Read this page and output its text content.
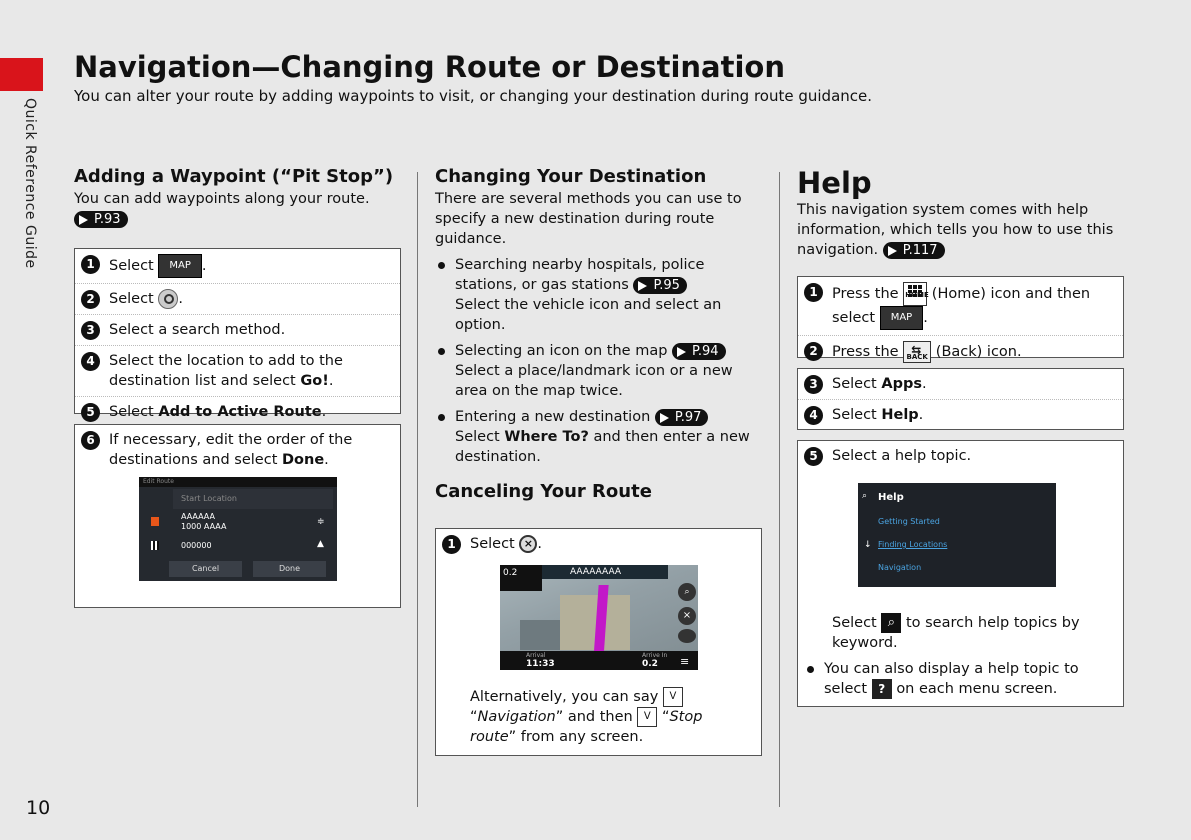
Quick Reference Guide
10
Navigation—Changing Route or Destination
You can alter your route by adding waypoints to visit, or changing your destination during route guidance.
Adding a Waypoint (“Pit Stop”)

You can add waypoints along your route.
P.93

1 Select MAP .
2 Select .
3 Select a search method.
4 Select the location to add to the destination list and select Go!.
5 Select Add to Active Route.
6 If necessary, edit the order of the destinations and select Done.
Edit Route
Start Location
AAAAAA
1000 AAAA	≑
000000	▲
Cancel	Done
Changing Your Destination

There are several methods you can use to specify a new destination during route guidance.

Searching nearby hospitals, police stations, or gas stations P.95
Select the vehicle icon and select an option.
Selecting an icon on the map P.94
Select a place/landmark icon or a new area on the map twice.
Entering a new destination P.97
Select Where To? and then enter a new destination.
Canceling Your Route
1 Select × .
0.2	AAAAAAAA
⌕
×
Arrival
11:33
Arrive In
0.2 ≡

Alternatively, you can say ᐯ
“Navigation” and then ᐯ “Stop route” from any screen.

Help

This navigation system comes with help information, which tells you how to use this navigation. P.117

1 Press the HOME (Home) icon and then select MAP .
2 Press the ⇆ BACK (Back) icon.
3 Select Apps.
4 Select Help.
5 Select a help topic.
⌕ Help
Getting Started
↓ Finding Locations
Navigation

Select ⌕ to search help topics by keyword.

You can also display a help topic to select ? on each menu screen.
